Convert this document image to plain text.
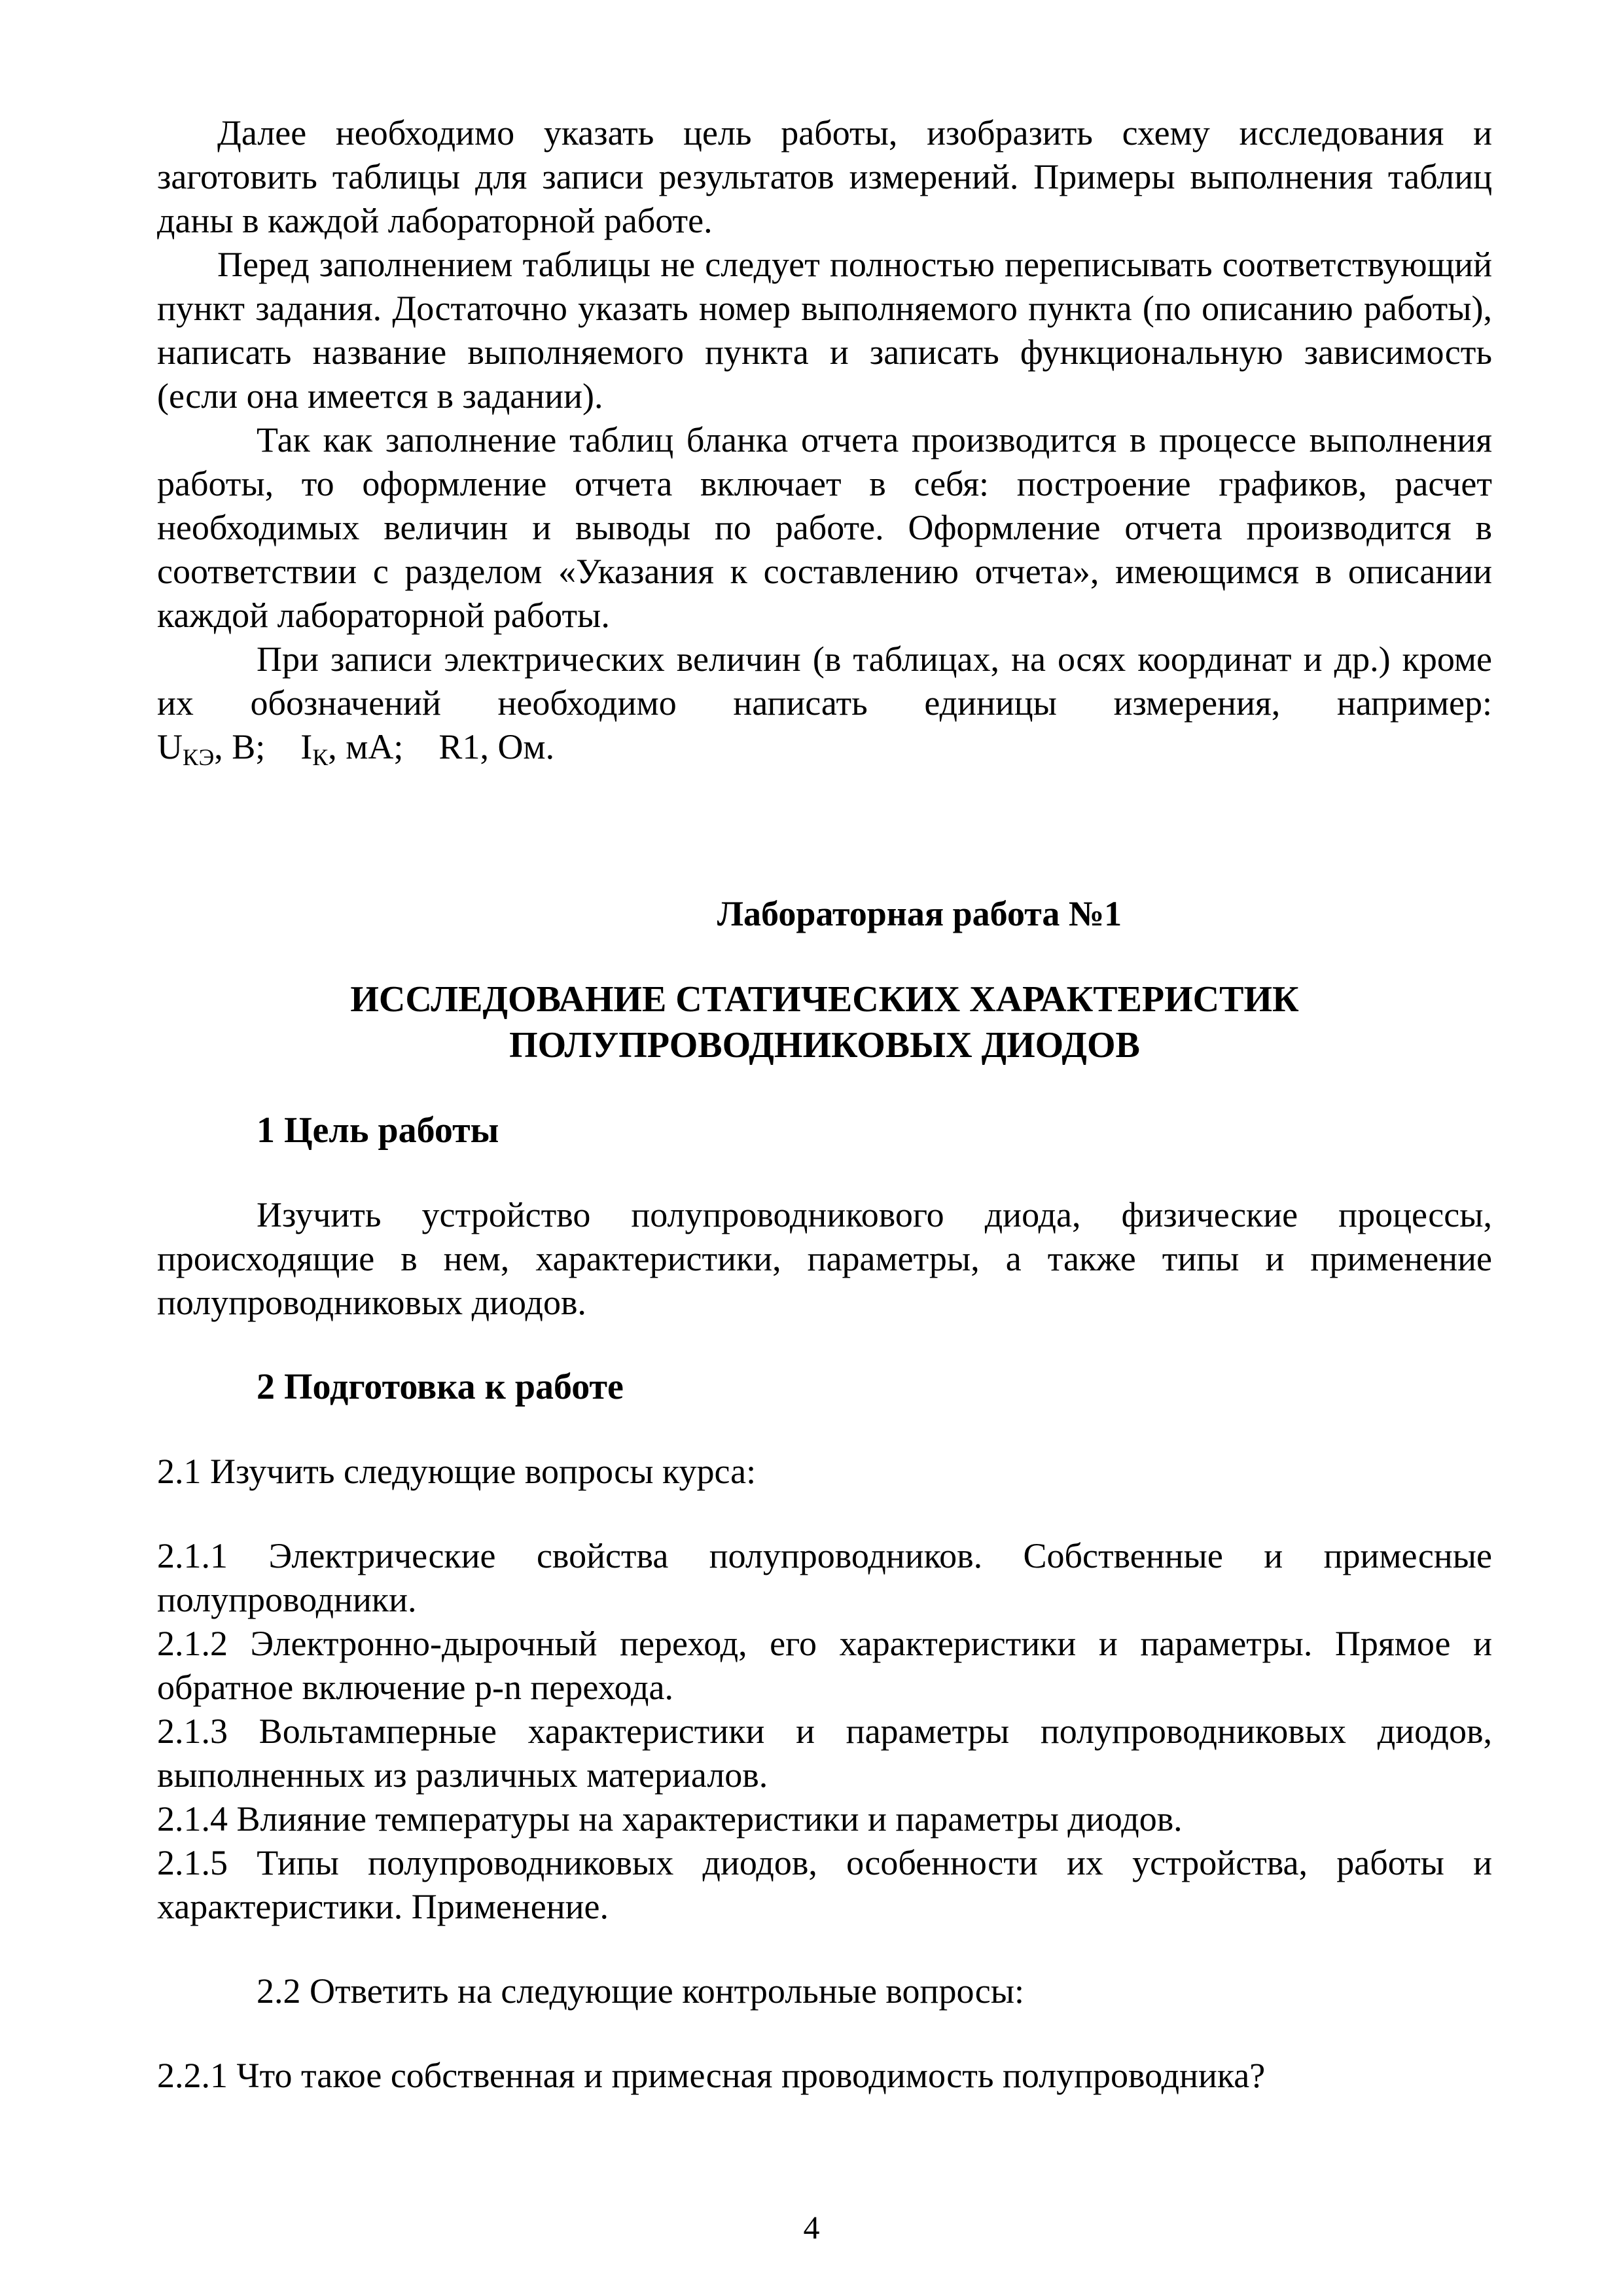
Далее необходимо указать цель работы, изобразить схему исследования и заготовить таблицы для записи результатов измерений. Примеры выполнения таблиц даны в каждой лабораторной работе.

Перед заполнением таблицы не следует полностью переписывать соответствующий пункт задания. Достаточно указать номер выполняемого пункта (по описанию работы), написать название выполняемого пункта и записать функциональную зависимость (если она имеется в задании).

Так как заполнение таблиц бланка отчета производится в процессе выполнения работы, то оформление отчета включает в себя: построение графиков, расчет необходимых величин и выводы по работе. Оформление отчета производится в соответствии с разделом «Указания к составлению отчета», имеющимся в описании каждой лабораторной работы.

При записи электрических величин (в таблицах, на осях координат и др.) кроме их обозначений необходимо написать единицы измерения, например:

$U_{КЭ}$, В; $I_К$, мА; R1, Ом.

Лабораторная работа №1

ИССЛЕДОВАНИЕ СТАТИЧЕСКИХ ХАРАКТЕРИСТИК

ПОЛУПРОВОДНИКОВЫХ ДИОДОВ

1 Цель работы

Изучить устройство полупроводникового диода, физические процессы, происходящие в нем, характеристики, параметры, а также типы и применение полупроводниковых диодов.

2 Подготовка к работе

2.1 Изучить следующие вопросы курса:

2.1.1 Электрические свойства полупроводников. Собственные и примесные полупроводники.

2.1.2 Электронно-дырочный переход, его характеристики и параметры. Прямое и обратное включение p-n перехода.

2.1.3 Вольтамперные характеристики и параметры полупроводниковых диодов, выполненных из различных материалов.

2.1.4 Влияние температуры на характеристики и параметры диодов.

2.1.5 Типы полупроводниковых диодов, особенности их устройства, работы и характеристики. Применение.

2.2 Ответить на следующие контрольные вопросы:

2.2.1 Что такое собственная и примесная проводимость полупроводника?

4
